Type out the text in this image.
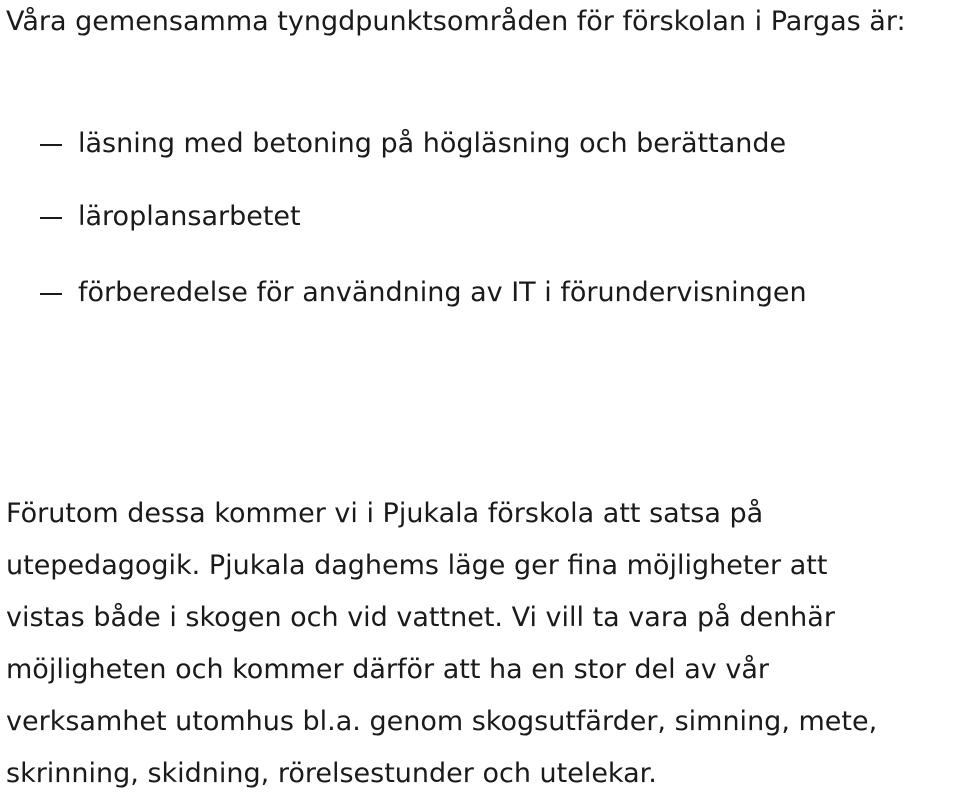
Våra gemensamma tyngdpunktsområden för förskolan i Pargas är:
läsning med betoning på högläsning och berättande
läroplansarbetet
förberedelse för användning av IT i förundervisningen

Förutom dessa kommer vi i Pjukala förskola att satsa på
utepedagogik. Pjukala daghems läge ger fina möjligheter att
vistas både i skogen och vid vattnet. Vi vill ta vara på denhär
möjligheten och kommer därför att ha en stor del av vår
verksamhet utomhus bl.a. genom skogsutfärder, simning, mete,
skrinning, skidning, rörelsestunder och utelekar.
